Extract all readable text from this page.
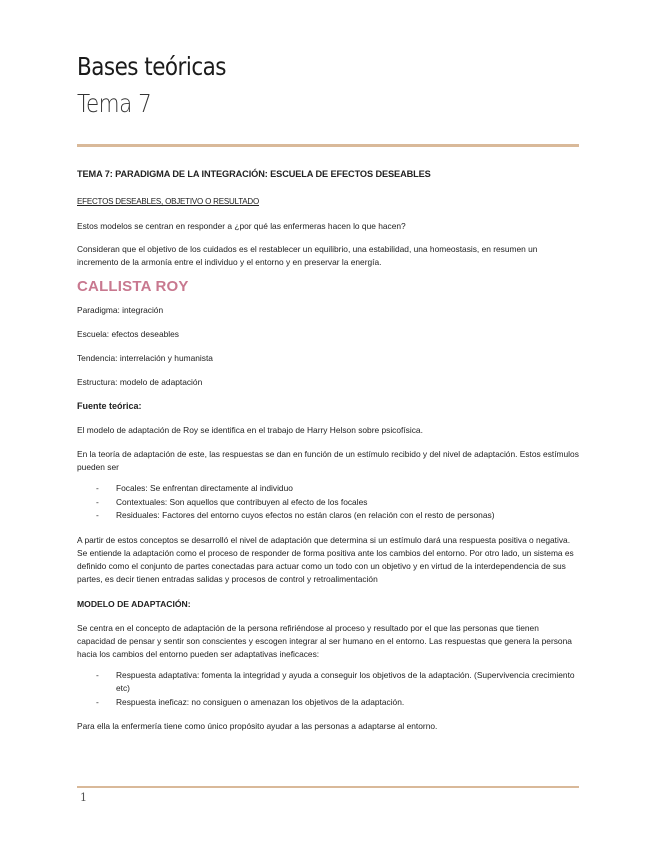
Bases teóricas
Tema 7

TEMA 7: PARADIGMA DE LA INTEGRACIÓN: ESCUELA DE EFECTOS DESEABLES

EFECTOS DESEABLES, OBJETIVO O RESULTADO

Estos modelos se centran en responder a ¿por qué las enfermeras hacen lo que hacen?

Consideran que el objetivo de los cuidados es el restablecer un equilibrio, una estabilidad, una homeostasis, en resumen un incremento de la armonía entre el individuo y el entorno y en preservar la energía.

CALLISTA ROY

Paradigma: integración

Escuela: efectos deseables

Tendencia: interrelación y humanista

Estructura: modelo de adaptación

Fuente teórica:

El modelo de adaptación de Roy se identifica en el trabajo de Harry Helson sobre psicofísica.

En la teoría de adaptación de este, las respuestas se dan en función de un estímulo recibido y del nivel de adaptación. Estos estímulos pueden ser

- Focales: Se enfrentan directamente al individuo
- Contextuales: Son aquellos que contribuyen al efecto de los focales
- Residuales: Factores del entorno cuyos efectos no están claros (en relación con el resto de personas)

A partir de estos conceptos se desarrolló el nivel de adaptación que determina si un estímulo dará una respuesta positiva o negativa. Se entiende la adaptación como el proceso de responder de forma positiva ante los cambios del entorno. Por otro lado, un sistema es definido como el conjunto de partes conectadas para actuar como un todo con un objetivo y en virtud de la interdependencia de sus partes, es decir tienen entradas salidas y procesos de control y retroalimentación

MODELO DE ADAPTACIÓN:

Se centra en el concepto de adaptación de la persona refiriéndose al proceso y resultado por el que las personas que tienen capacidad de pensar y sentir son conscientes y escogen integrar al ser humano en el entorno. Las respuestas que genera la persona hacia los cambios del entorno pueden ser adaptativas ineficaces:

- Respuesta adaptativa: fomenta la integridad y ayuda a conseguir los objetivos de la adaptación. (Supervivencia crecimiento etc)
- Respuesta ineficaz: no consiguen o amenazan los objetivos de la adaptación.

Para ella la enfermería tiene como único propósito ayudar a las personas a adaptarse al entorno.

1
